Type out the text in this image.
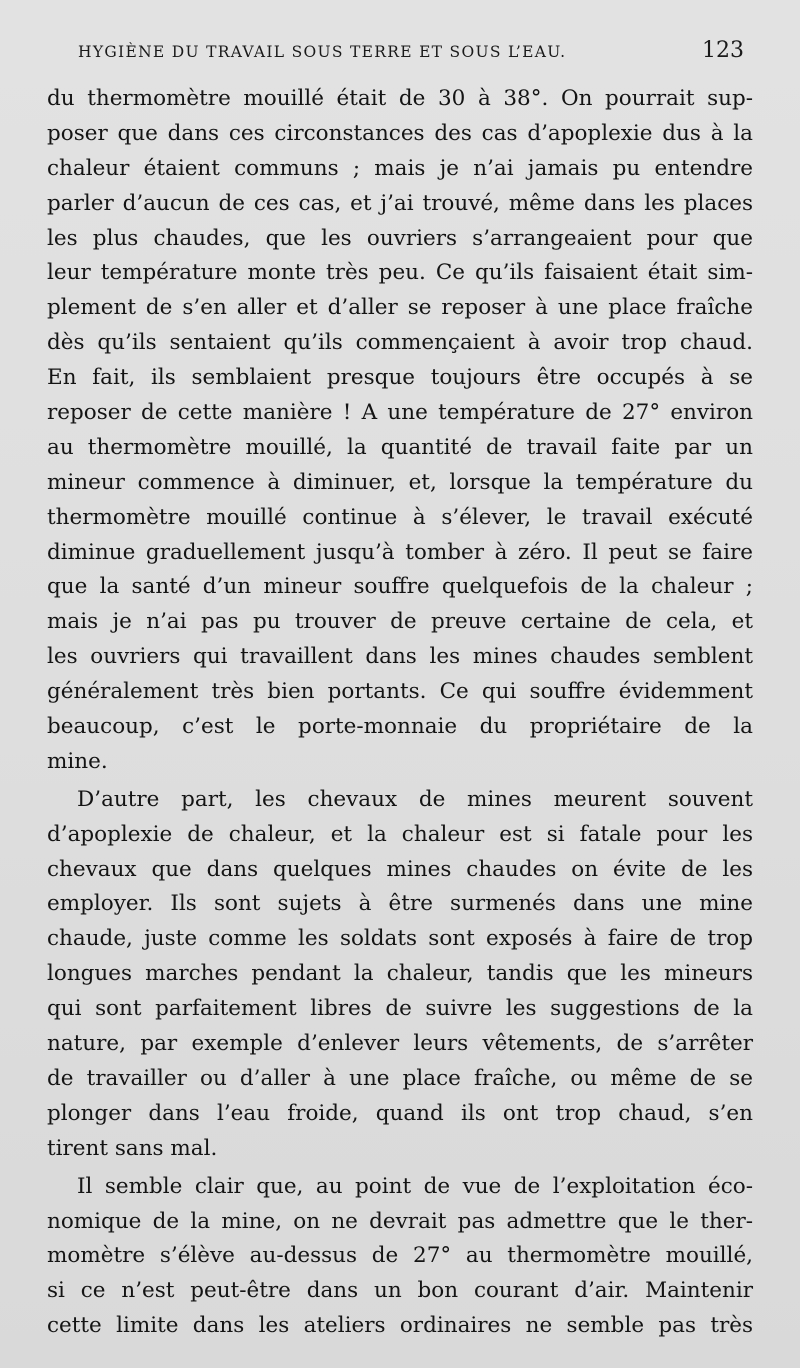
HYGIÈNE DU TRAVAIL SOUS TERRE ET SOUS L’EAU.	123
du thermomètre mouillé était de 30 à 38°. On pourrait sup-
poser que dans ces circonstances des cas d’apoplexie dus à la
chaleur étaient communs ; mais je n’ai jamais pu entendre
parler d’aucun de ces cas, et j’ai trouvé, même dans les places
les plus chaudes, que les ouvriers s’arrangeaient pour que
leur température monte très peu. Ce qu’ils faisaient était sim-
plement de s’en aller et d’aller se reposer à une place fraîche
dès qu’ils sentaient qu’ils commençaient à avoir trop chaud.
En fait, ils semblaient presque toujours être occupés à se
reposer de cette manière ! A une température de 27° environ
au thermomètre mouillé, la quantité de travail faite par un
mineur commence à diminuer, et, lorsque la température du
thermomètre mouillé continue à s’élever, le travail exécuté
diminue graduellement jusqu’à tomber à zéro. Il peut se faire
que la santé d’un mineur souffre quelquefois de la chaleur ;
mais je n’ai pas pu trouver de preuve certaine de cela, et
les ouvriers qui travaillent dans les mines chaudes semblent
généralement très bien portants. Ce qui souffre évidemment
beaucoup, c’est le porte-monnaie du propriétaire de la
mine.
D’autre part, les chevaux de mines meurent souvent
d’apoplexie de chaleur, et la chaleur est si fatale pour les
chevaux que dans quelques mines chaudes on évite de les
employer. Ils sont sujets à être surmenés dans une mine
chaude, juste comme les soldats sont exposés à faire de trop
longues marches pendant la chaleur, tandis que les mineurs
qui sont parfaitement libres de suivre les suggestions de la
nature, par exemple d’enlever leurs vêtements, de s’arrêter
de travailler ou d’aller à une place fraîche, ou même de se
plonger dans l’eau froide, quand ils ont trop chaud, s’en
tirent sans mal.
Il semble clair que, au point de vue de l’exploitation éco-
nomique de la mine, on ne devrait pas admettre que le ther-
momètre s’élève au-dessus de 27° au thermomètre mouillé,
si ce n’est peut-être dans un bon courant d’air. Maintenir
cette limite dans les ateliers ordinaires ne semble pas très
